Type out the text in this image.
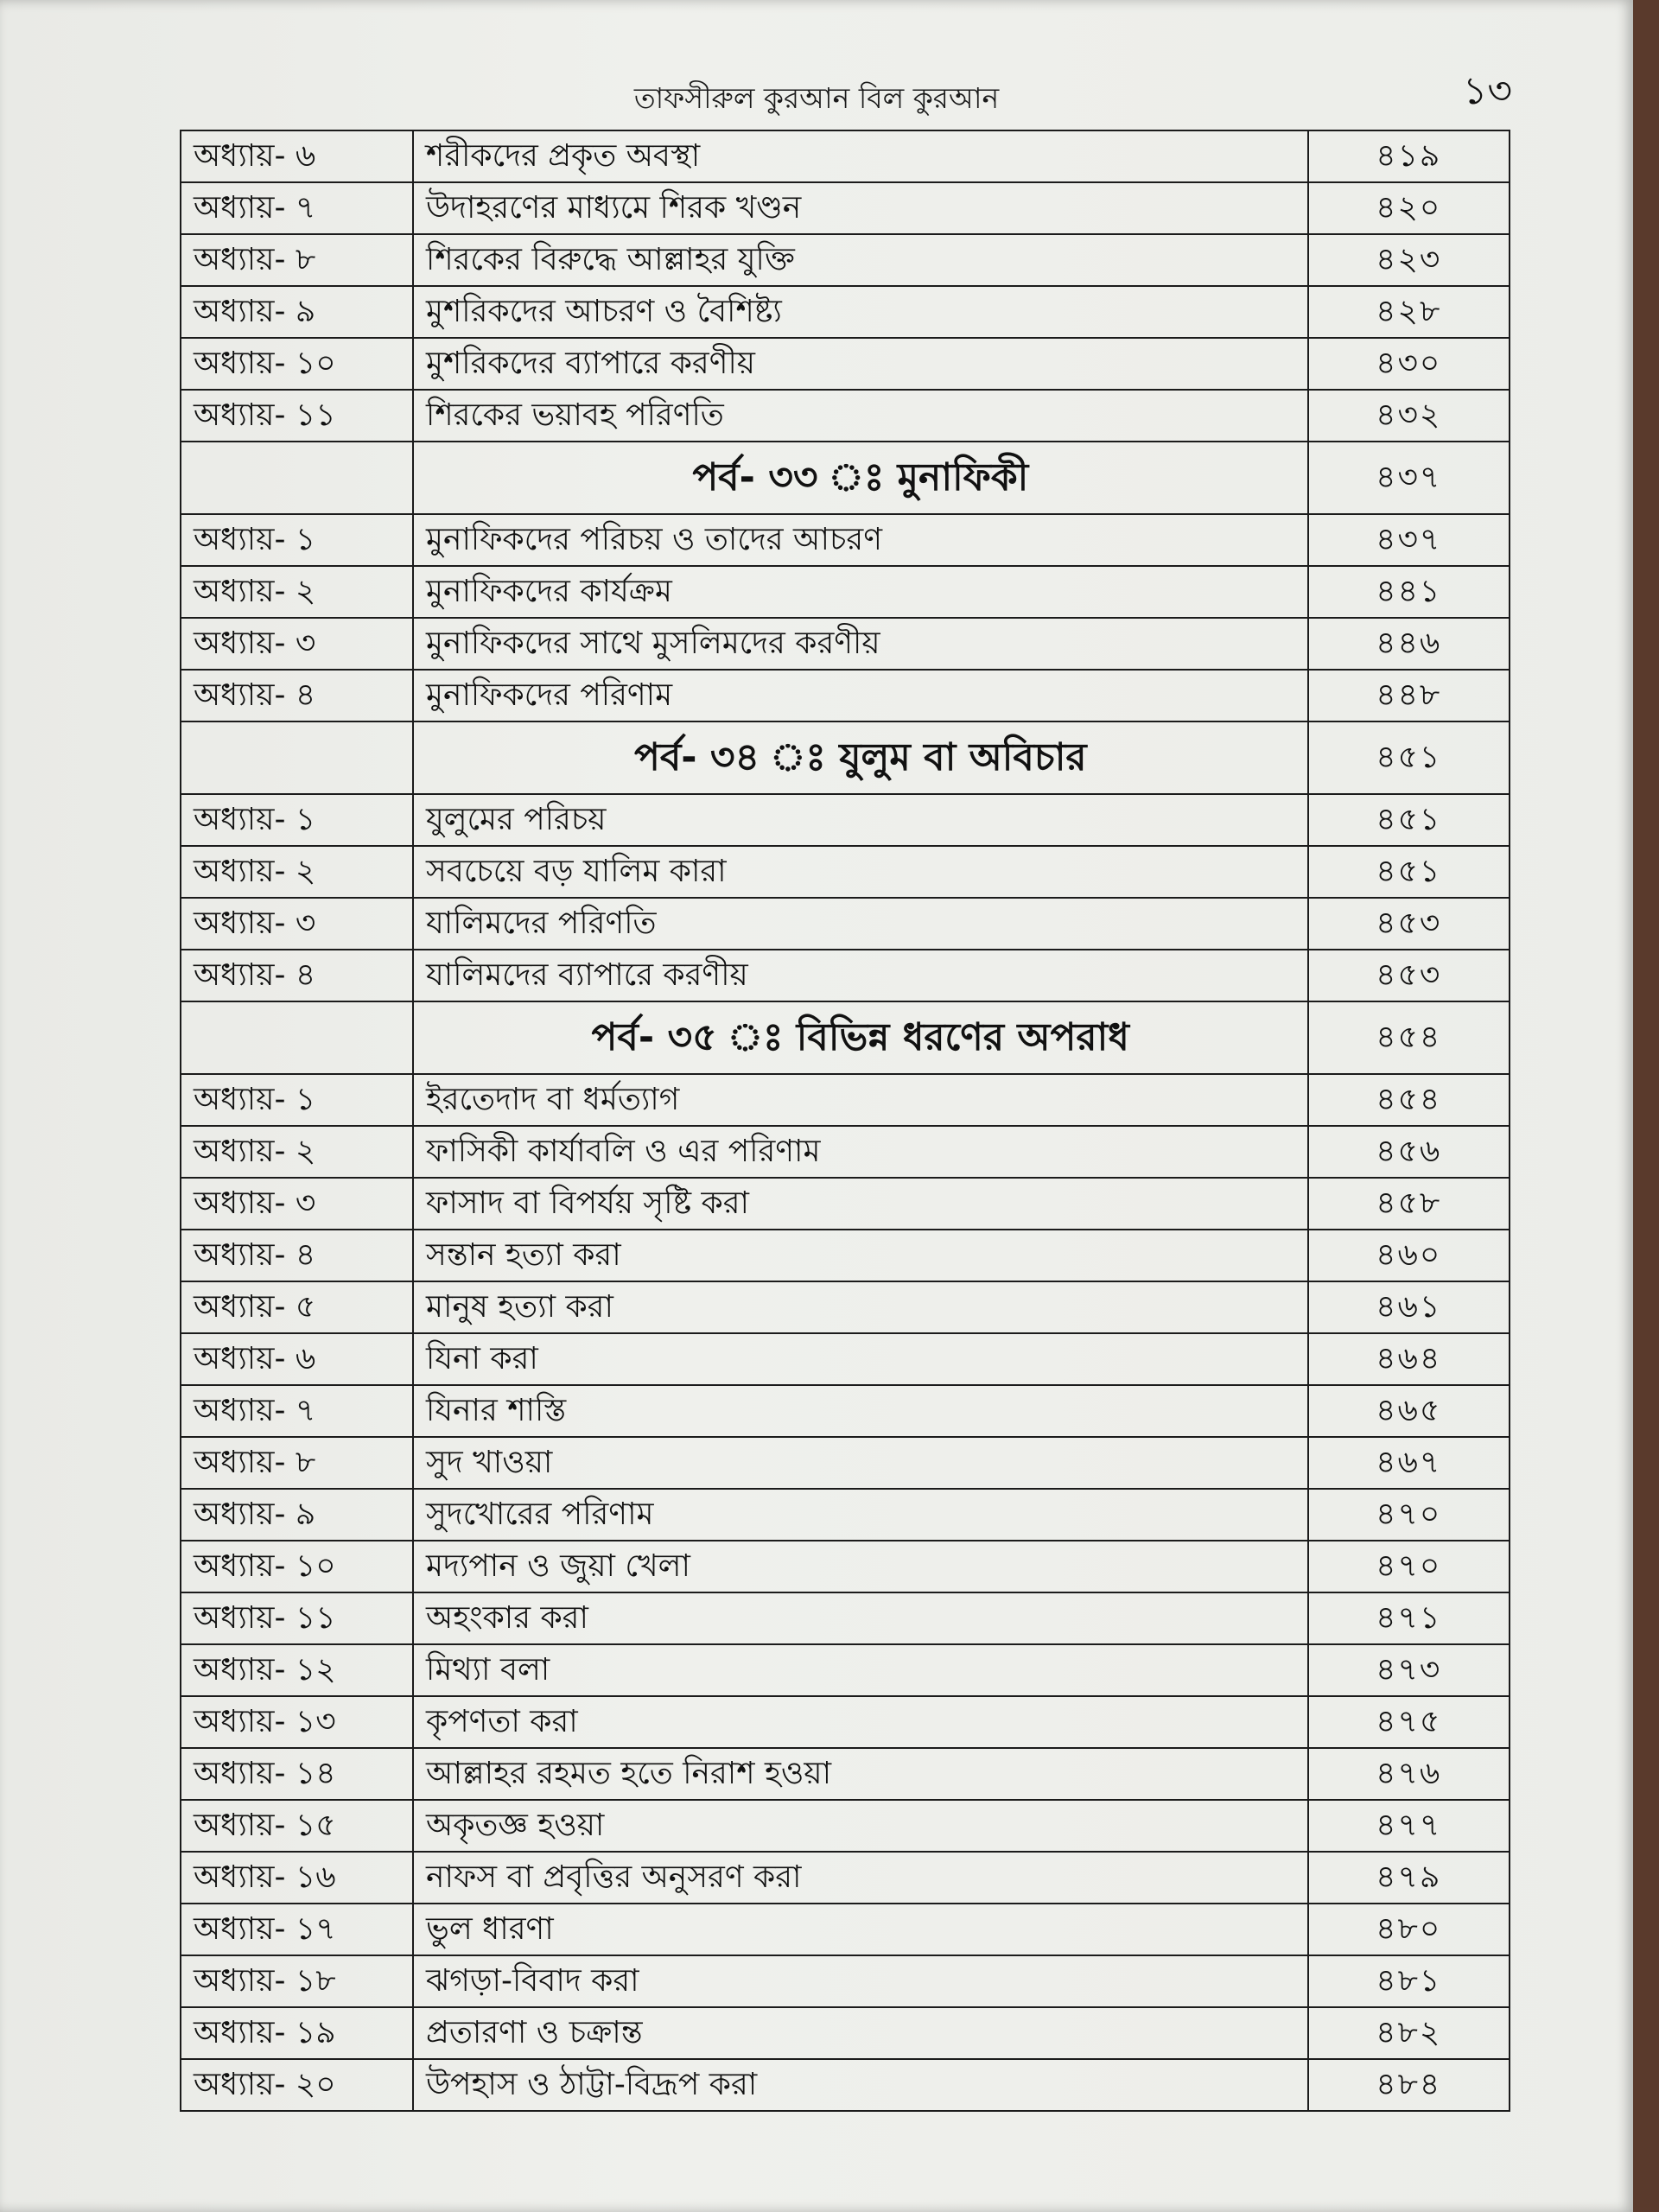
তাফসীরুল কুরআন বিল কুরআন	১৩
অধ্যায়- ৬	শরীকদের প্রকৃত অবস্থা	৪১৯
অধ্যায়- ৭	উদাহরণের মাধ্যমে শিরক খণ্ডন	৪২০
অধ্যায়- ৮	শিরকের বিরুদ্ধে আল্লাহর যুক্তি	৪২৩
অধ্যায়- ৯	মুশরিকদের আচরণ ও বৈশিষ্ট্য	৪২৮
অধ্যায়- ১০	মুশরিকদের ব্যাপারে করণীয়	৪৩০
অধ্যায়- ১১	শিরকের ভয়াবহ পরিণতি	৪৩২
	পর্ব- ৩৩ ঃ মুনাফিকী	৪৩৭
অধ্যায়- ১	মুনাফিকদের পরিচয় ও তাদের আচরণ	৪৩৭
অধ্যায়- ২	মুনাফিকদের কার্যক্রম	৪৪১
অধ্যায়- ৩	মুনাফিকদের সাথে মুসলিমদের করণীয়	৪৪৬
অধ্যায়- ৪	মুনাফিকদের পরিণাম	৪৪৮
	পর্ব- ৩৪ ঃ যুলুম বা অবিচার	৪৫১
অধ্যায়- ১	যুলুমের পরিচয়	৪৫১
অধ্যায়- ২	সবচেয়ে বড় যালিম কারা	৪৫১
অধ্যায়- ৩	যালিমদের পরিণতি	৪৫৩
অধ্যায়- ৪	যালিমদের ব্যাপারে করণীয়	৪৫৩
	পর্ব- ৩৫ ঃ বিভিন্ন ধরণের অপরাধ	৪৫৪
অধ্যায়- ১	ইরতেদাদ বা ধর্মত্যাগ	৪৫৪
অধ্যায়- ২	ফাসিকী কার্যাবলি ও এর পরিণাম	৪৫৬
অধ্যায়- ৩	ফাসাদ বা বিপর্যয় সৃষ্টি করা	৪৫৮
অধ্যায়- ৪	সন্তান হত্যা করা	৪৬০
অধ্যায়- ৫	মানুষ হত্যা করা	৪৬১
অধ্যায়- ৬	যিনা করা	৪৬৪
অধ্যায়- ৭	যিনার শাস্তি	৪৬৫
অধ্যায়- ৮	সুদ খাওয়া	৪৬৭
অধ্যায়- ৯	সুদখোরের পরিণাম	৪৭০
অধ্যায়- ১০	মদ্যপান ও জুয়া খেলা	৪৭০
অধ্যায়- ১১	অহংকার করা	৪৭১
অধ্যায়- ১২	মিথ্যা বলা	৪৭৩
অধ্যায়- ১৩	কৃপণতা করা	৪৭৫
অধ্যায়- ১৪	আল্লাহর রহমত হতে নিরাশ হওয়া	৪৭৬
অধ্যায়- ১৫	অকৃতজ্ঞ হওয়া	৪৭৭
অধ্যায়- ১৬	নাফস বা প্রবৃত্তির অনুসরণ করা	৪৭৯
অধ্যায়- ১৭	ভুল ধারণা	৪৮০
অধ্যায়- ১৮	ঝগড়া-বিবাদ করা	৪৮১
অধ্যায়- ১৯	প্রতারণা ও চক্রান্ত	৪৮২
অধ্যায়- ২০	উপহাস ও ঠাট্টা-বিদ্রূপ করা	৪৮৪
